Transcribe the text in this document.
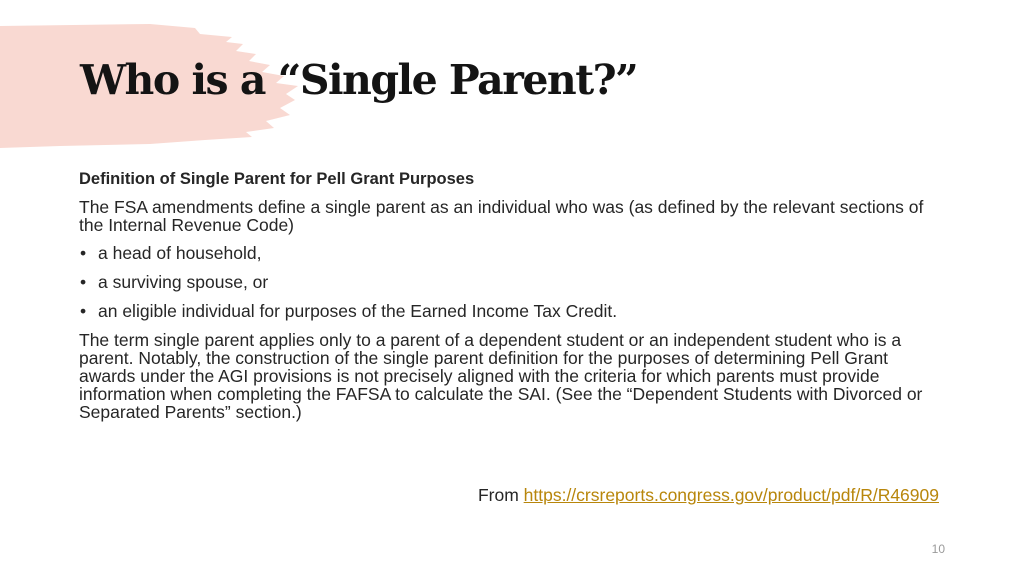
Who is a “Single Parent?”
Definition of Single Parent for Pell Grant Purposes
The FSA amendments define a single parent as an individual who was (as defined by the relevant sections of the Internal Revenue Code)
• a head of household,
• a surviving spouse, or
• an eligible individual for purposes of the Earned Income Tax Credit.
The term single parent applies only to a parent of a dependent student or an independent student who is a parent. Notably, the construction of the single parent definition for the purposes of determining Pell Grant awards under the AGI provisions is not precisely aligned with the criteria for which parents must provide information when completing the FAFSA to calculate the SAI. (See the “Dependent Students with Divorced or Separated Parents” section.)
From https://crsreports.congress.gov/product/pdf/R/R46909
10
